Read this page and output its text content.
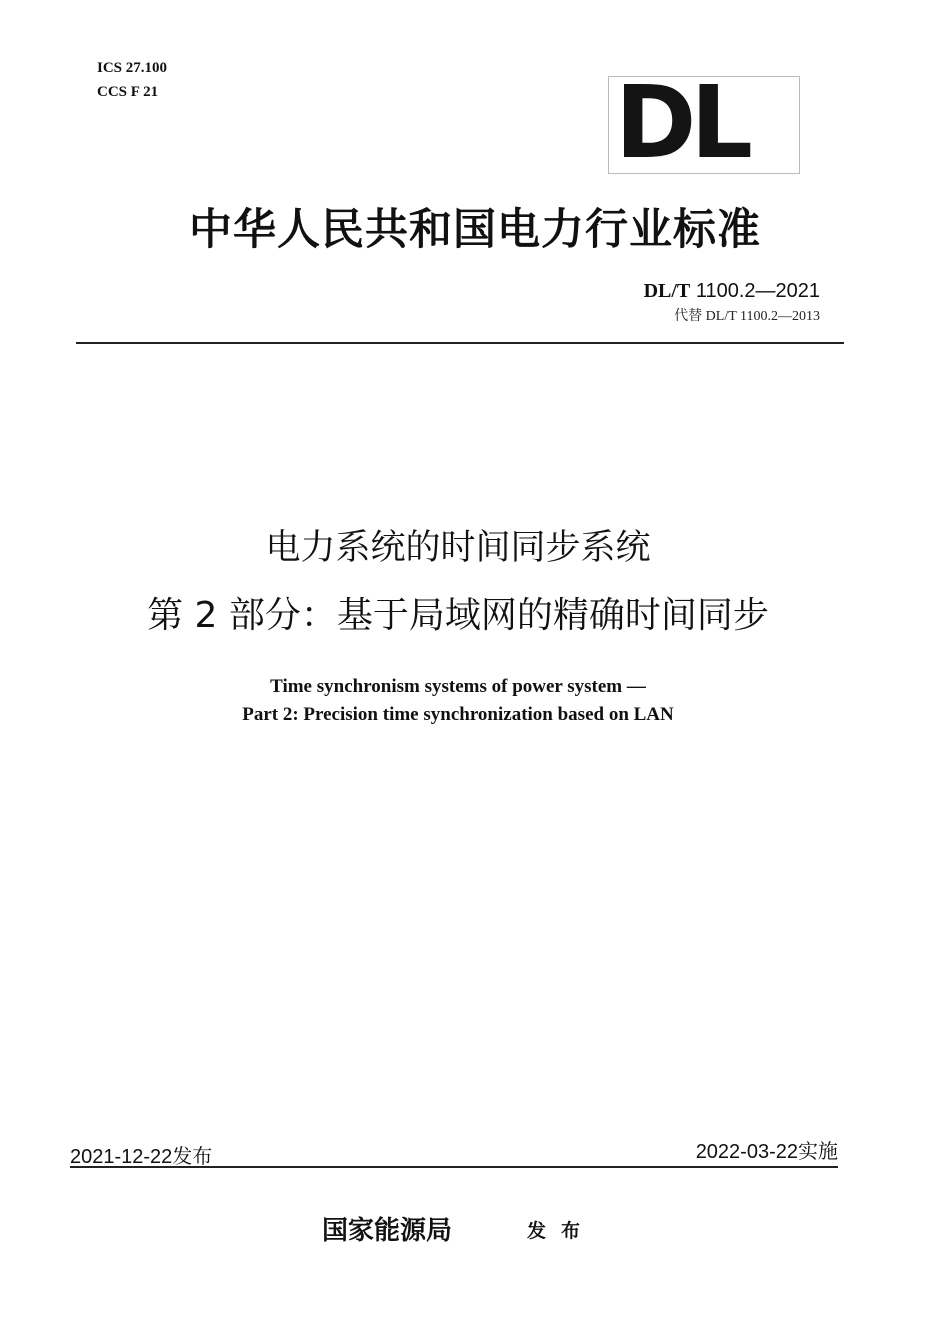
ICS 27.100
CCS F 21	DL
中华人民共和国电力行业标准
DL/T 1100.2—2021
代替 DL/T 1100.2—2013
电力系统的时间同步系统
第 2 部分：基于局域网的精确时间同步
Time synchronism systems of power system —
Part 2: Precision time synchronization based on LAN
2021-12-22发布	2022-03-22实施
国家能源局	发布
